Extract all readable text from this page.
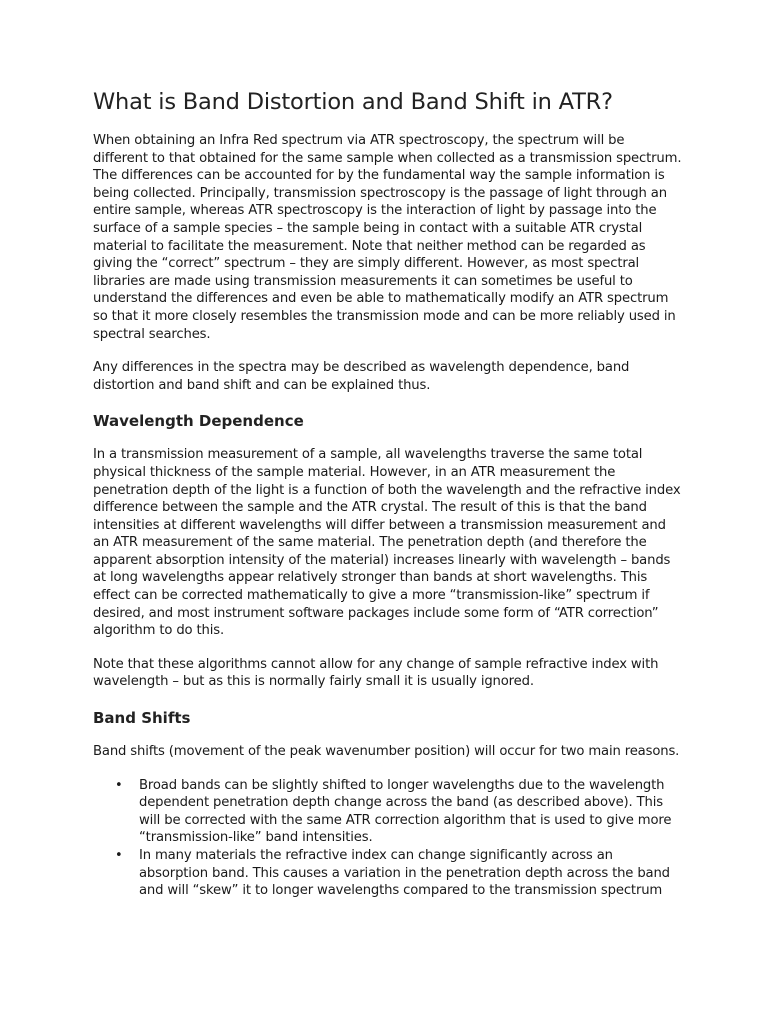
What is Band Distortion and Band Shift in ATR?

When obtaining an Infra Red spectrum via ATR spectroscopy, the spectrum will be different to that obtained for the same sample when collected as a transmission spectrum. The differences can be accounted for by the fundamental way the sample information is being collected. Principally, transmission spectroscopy is the passage of light through an entire sample, whereas ATR spectroscopy is the interaction of light by passage into the surface of a sample species – the sample being in contact with a suitable ATR crystal material to facilitate the measurement. Note that neither method can be regarded as giving the “correct” spectrum – they are simply different. However, as most spectral libraries are made using transmission measurements it can sometimes be useful to understand the differences and even be able to mathematically modify an ATR spectrum so that it more closely resembles the transmission mode and can be more reliably used in spectral searches.

Any differences in the spectra may be described as wavelength dependence, band distortion and band shift and can be explained thus.

Wavelength Dependence

In a transmission measurement of a sample, all wavelengths traverse the same total physical thickness of the sample material. However, in an ATR measurement the penetration depth of the light is a function of both the wavelength and the refractive index difference between the sample and the ATR crystal. The result of this is that the band intensities at different wavelengths will differ between a transmission measurement and an ATR measurement of the same material. The penetration depth (and therefore the apparent absorption intensity of the material) increases linearly with wavelength – bands at long wavelengths appear relatively stronger than bands at short wavelengths. This effect can be corrected mathematically to give a more “transmission-like” spectrum if desired, and most instrument software packages include some form of “ATR correction” algorithm to do this.

Note that these algorithms cannot allow for any change of sample refractive index with wavelength – but as this is normally fairly small it is usually ignored.

Band Shifts

Band shifts (movement of the peak wavenumber position) will occur for two main reasons.

• Broad bands can be slightly shifted to longer wavelengths due to the wavelength dependent penetration depth change across the band (as described above). This will be corrected with the same ATR correction algorithm that is used to give more “transmission-like” band intensities.
• In many materials the refractive index can change significantly across an absorption band. This causes a variation in the penetration depth across the band and will “skew” it to longer wavelengths compared to the transmission spectrum
